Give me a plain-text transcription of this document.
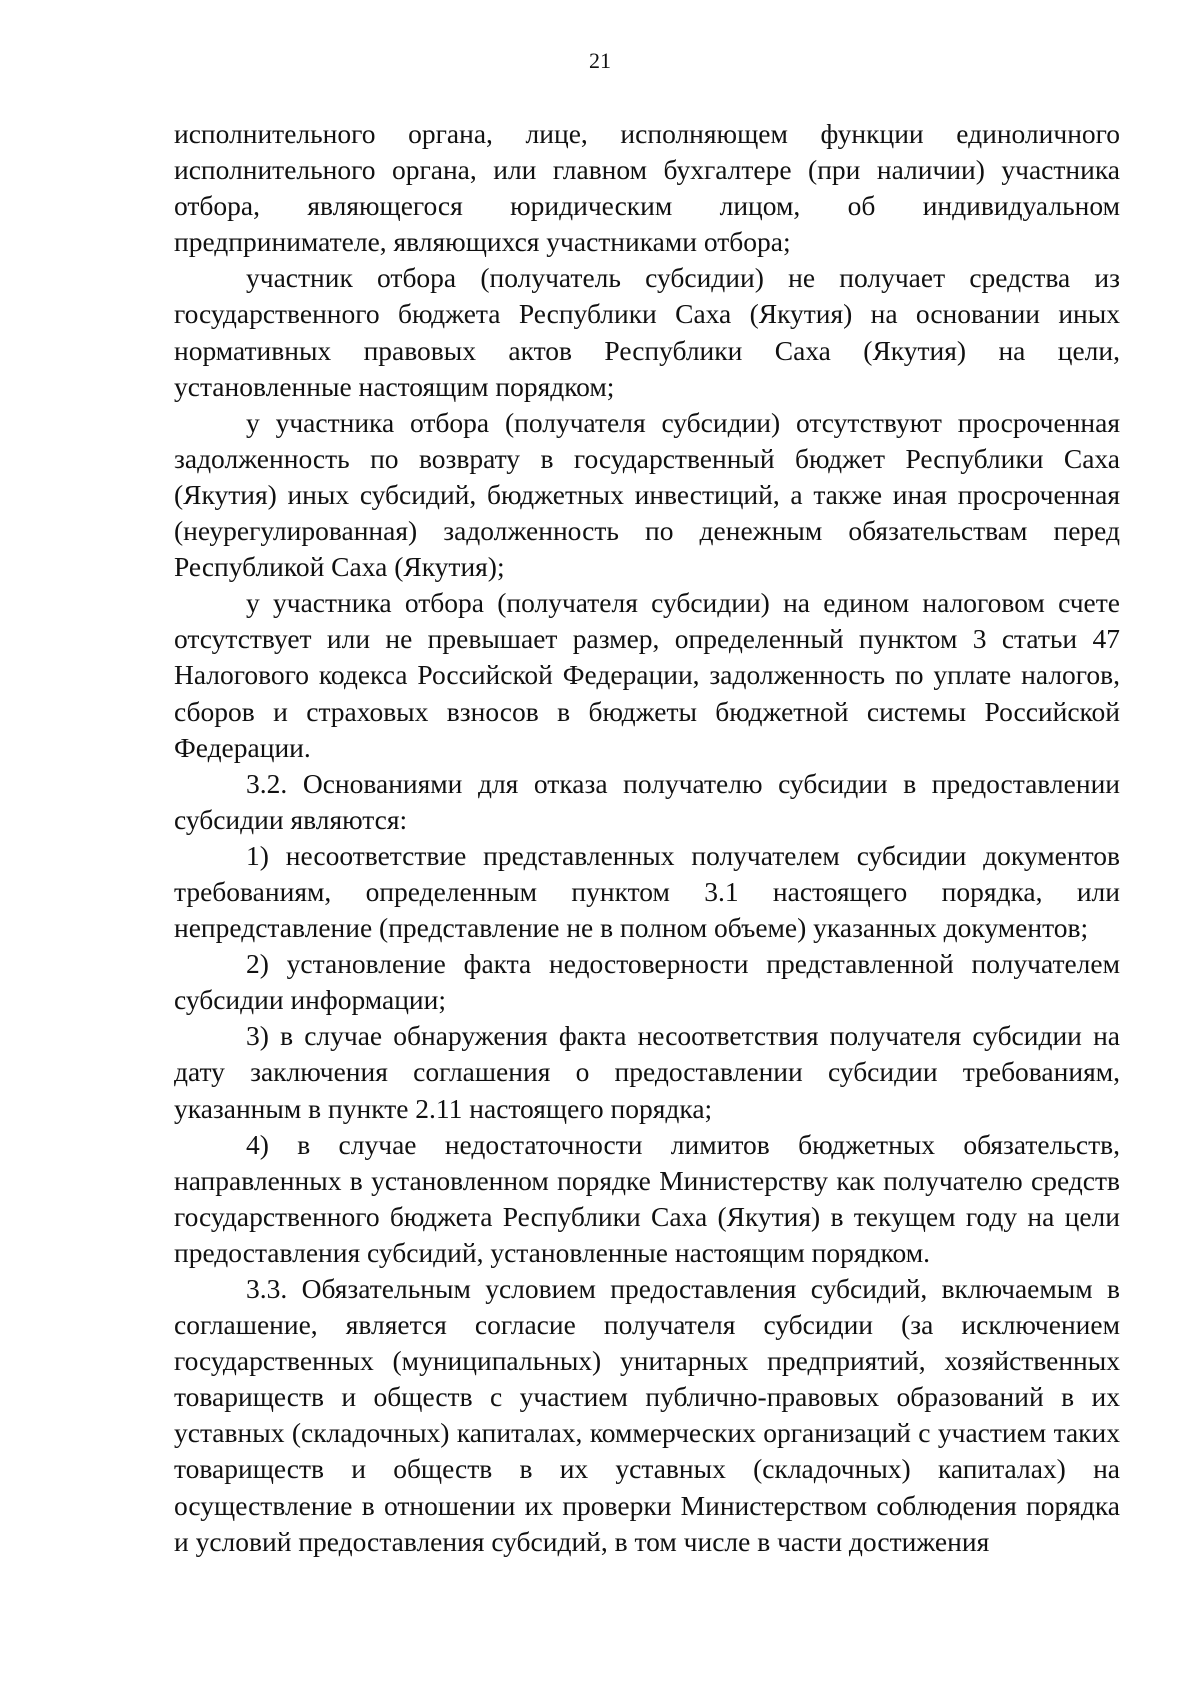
21

исполнительного органа, лице, исполняющем функции единоличного исполнительного органа, или главном бухгалтере (при наличии) участника отбора, являющегося юридическим лицом, об индивидуальном предпринимателе, являющихся участниками отбора;

участник отбора (получатель субсидии) не получает средства из государственного бюджета Республики Саха (Якутия) на основании иных нормативных правовых актов Республики Саха (Якутия) на цели, установленные настоящим порядком;

у участника отбора (получателя субсидии) отсутствуют просроченная задолженность по возврату в государственный бюджет Республики Саха (Якутия) иных субсидий, бюджетных инвестиций, а также иная просроченная (неурегулированная) задолженность по денежным обязательствам перед Республикой Саха (Якутия);

у участника отбора (получателя субсидии) на едином налоговом счете отсутствует или не превышает размер, определенный пунктом 3 статьи 47 Налогового кодекса Российской Федерации, задолженность по уплате налогов, сборов и страховых взносов в бюджеты бюджетной системы Российской Федерации.

3.2. Основаниями для отказа получателю субсидии в предоставлении субсидии являются:

1) несоответствие представленных получателем субсидии документов требованиям, определенным пунктом 3.1 настоящего порядка, или непредставление (представление не в полном объеме) указанных документов;

2) установление факта недостоверности представленной получателем субсидии информации;

3) в случае обнаружения факта несоответствия получателя субсидии на дату заключения соглашения о предоставлении субсидии требованиям, указанным в пункте 2.11 настоящего порядка;

4) в случае недостаточности лимитов бюджетных обязательств, направленных в установленном порядке Министерству как получателю средств государственного бюджета Республики Саха (Якутия) в текущем году на цели предоставления субсидий, установленные настоящим порядком.

3.3. Обязательным условием предоставления субсидий, включаемым в соглашение, является согласие получателя субсидии (за исключением государственных (муниципальных) унитарных предприятий, хозяйственных товариществ и обществ с участием публично-правовых образований в их уставных (складочных) капиталах, коммерческих организаций с участием таких товариществ и обществ в их уставных (складочных) капиталах) на осуществление в отношении их проверки Министерством соблюдения порядка и условий предоставления субсидий, в том числе в части достижения
